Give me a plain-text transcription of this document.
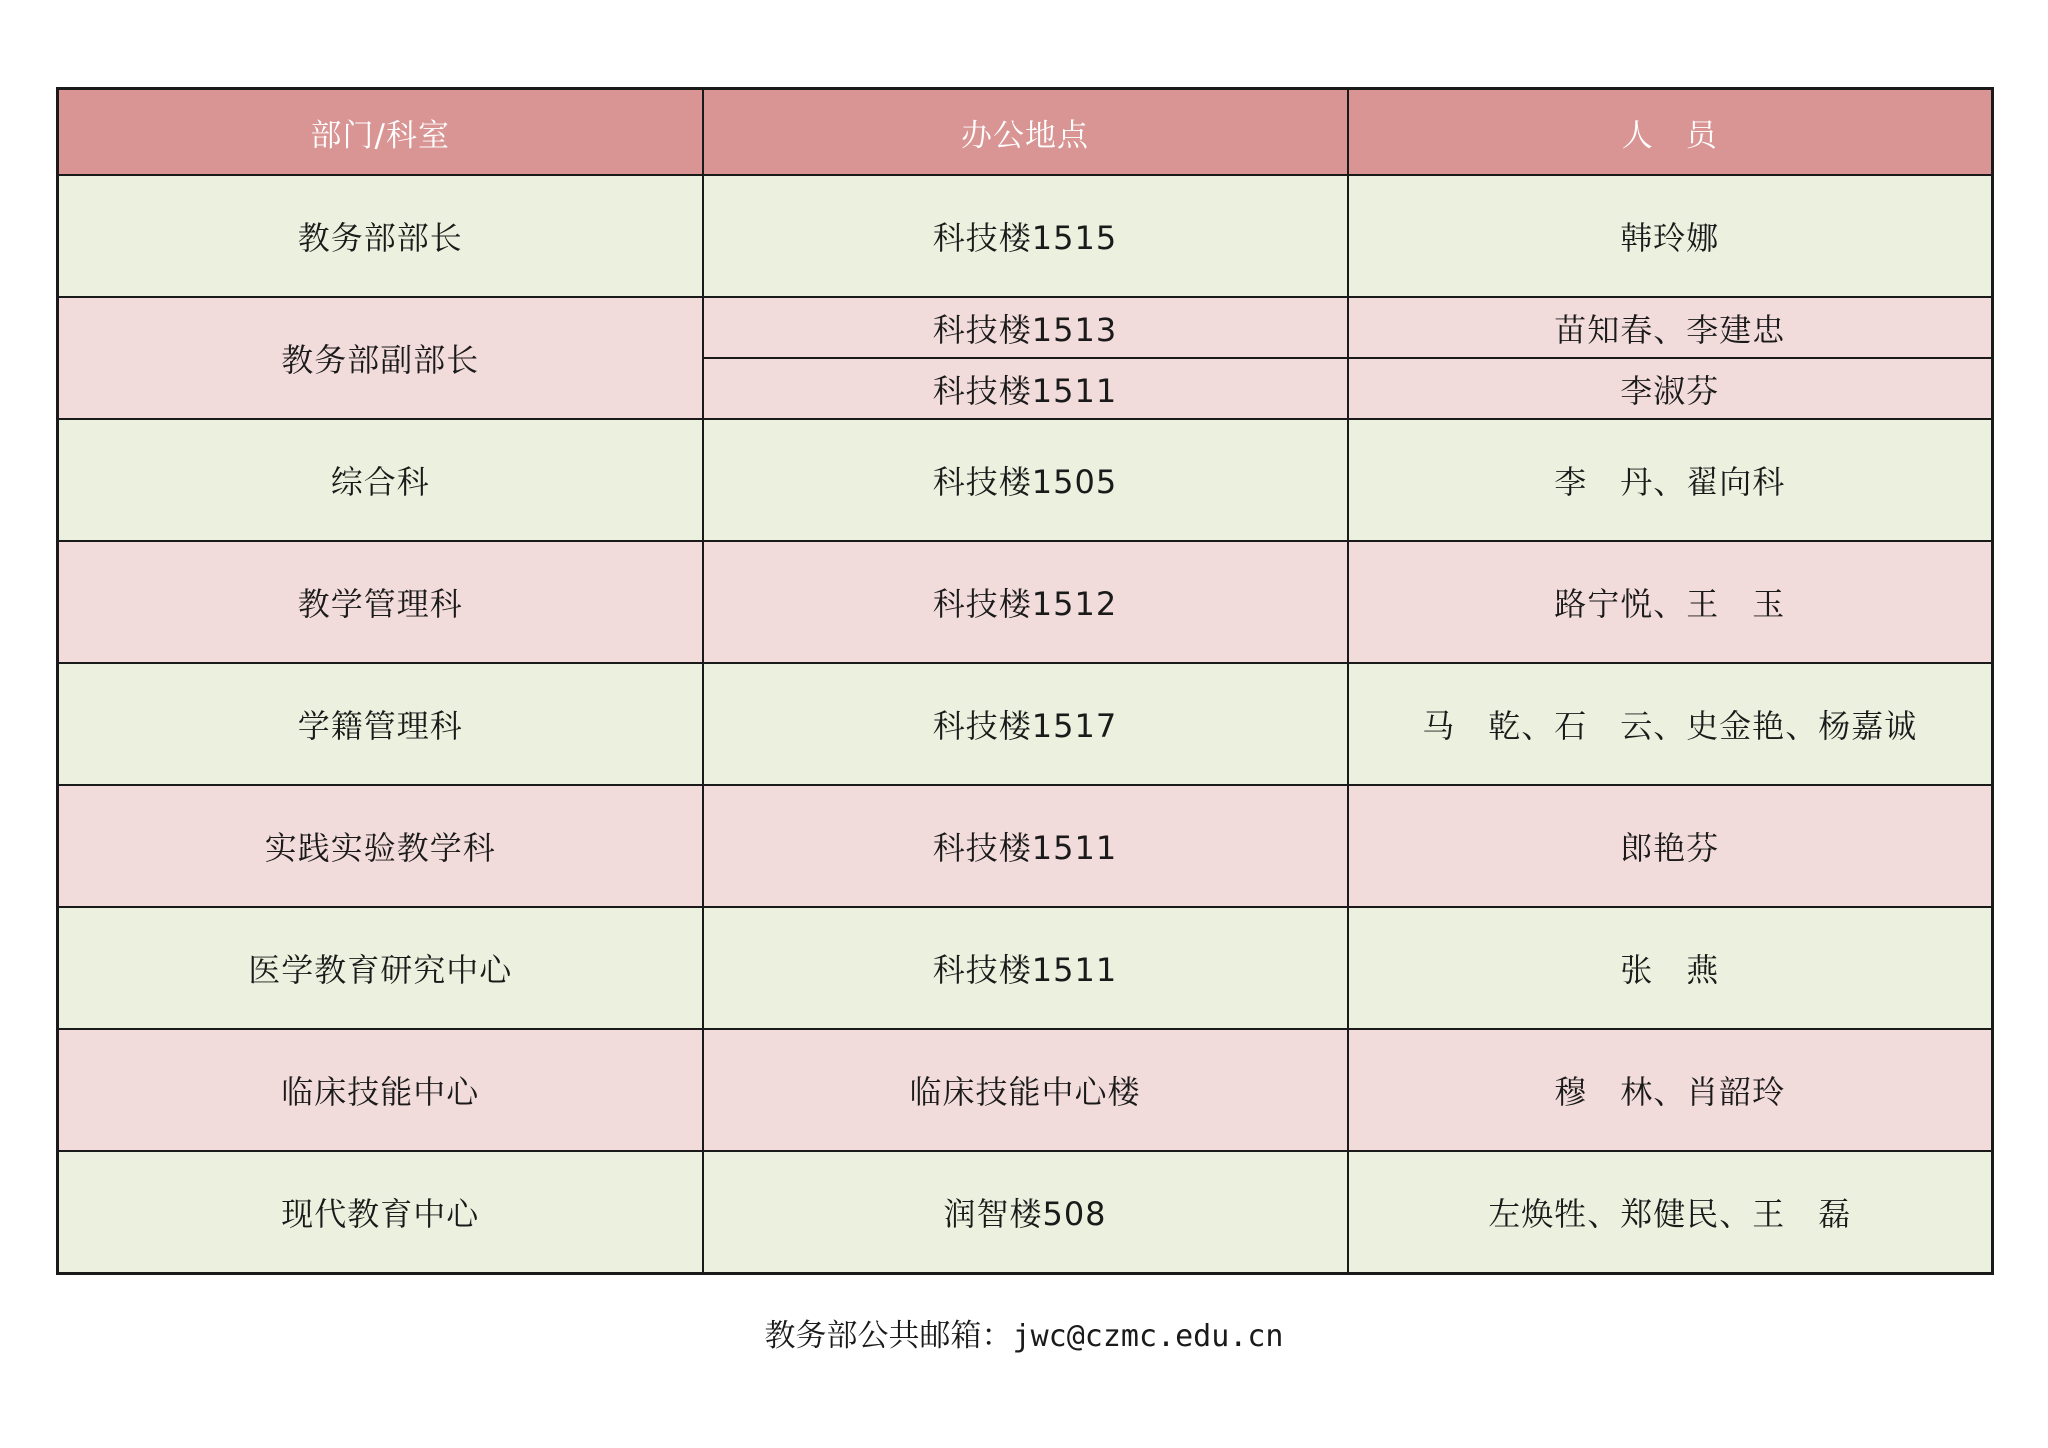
部门/科室	办公地点	人　员
教务部部长	科技楼1515	韩玲娜
教务部副部长	科技楼1513	苗知春、李建忠
	科技楼1511	李淑芬
综合科	科技楼1505	李　丹、翟向科
教学管理科	科技楼1512	路宁悦、王　玉
学籍管理科	科技楼1517	马　乾、石　云、史金艳、杨嘉诚
实践实验教学科	科技楼1511	郎艳芬
医学教育研究中心	科技楼1511	张　燕
临床技能中心	临床技能中心楼	穆　林、肖韶玲
现代教育中心	润智楼508	左焕牲、郑健民、王　磊
教务部公共邮箱：jwc@czmc.edu.cn
